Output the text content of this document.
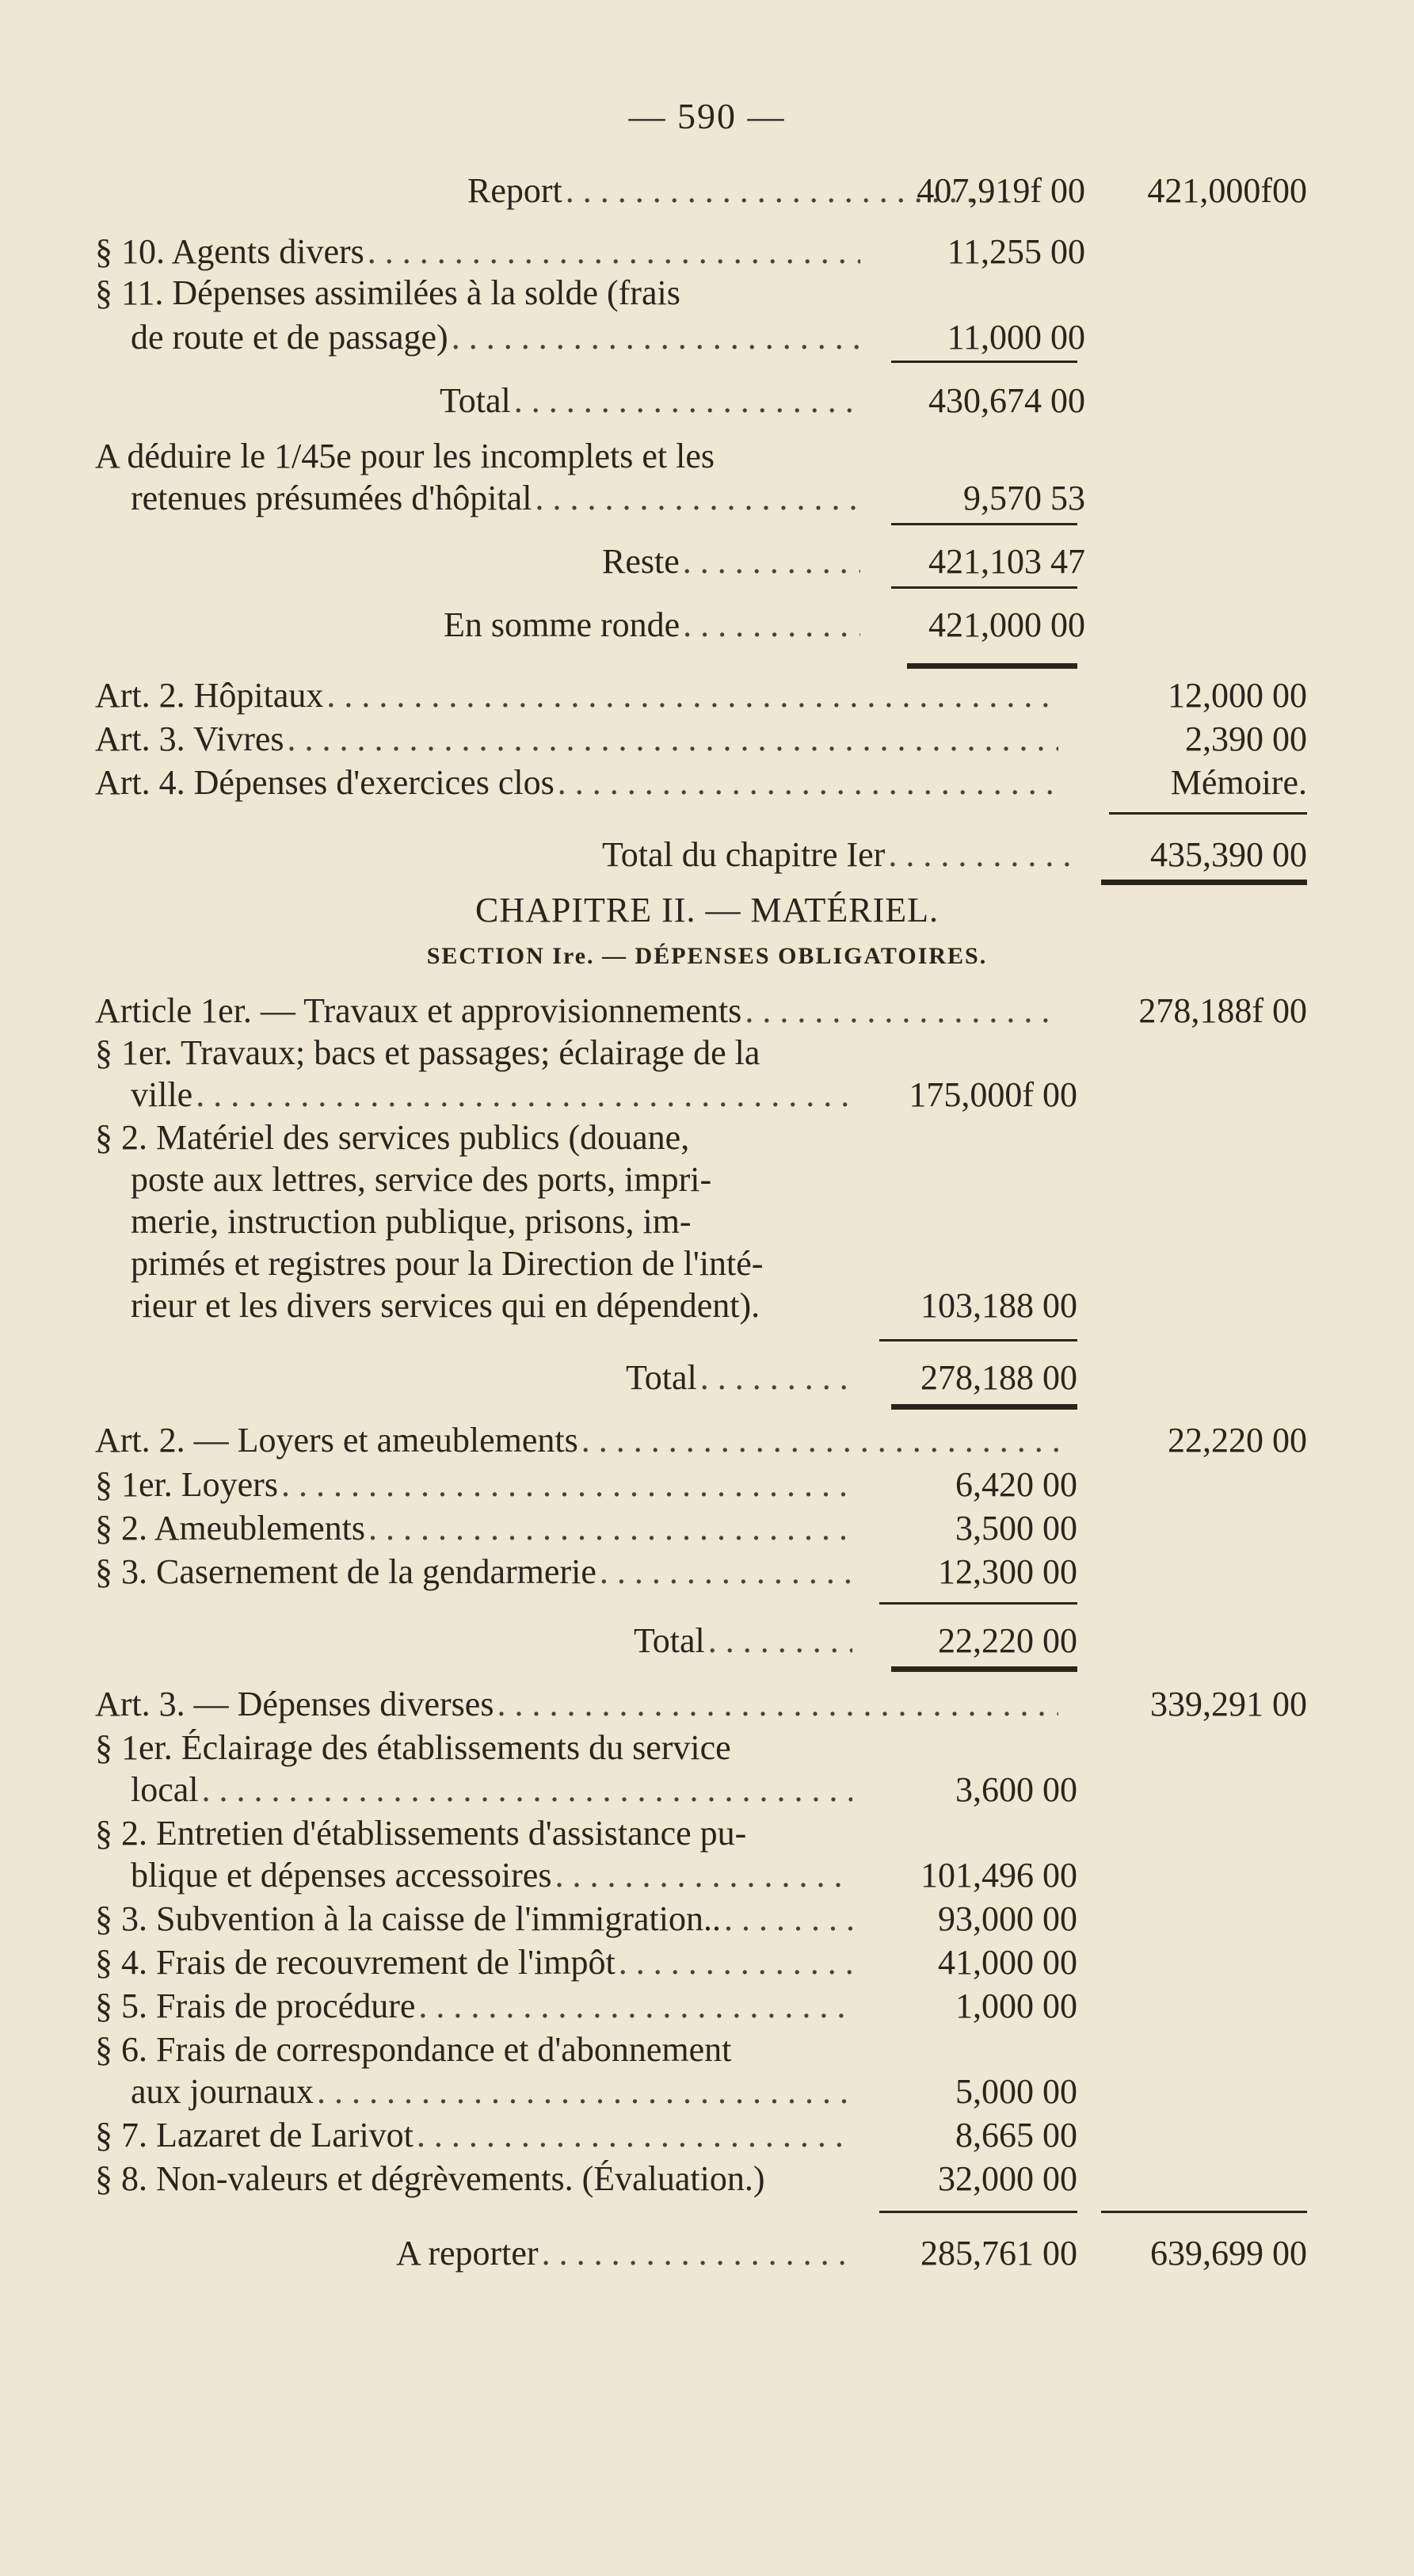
— 590 —
Report . . .	407,919f 00	421,000f00
§ 10. Agents divers . . .	11,255 00
§ 11. Dépenses assimilées à la solde (frais
de route et de passage) . . .	11,000 00
Total . . .	430,674 00
A déduire le 1/45e pour les incomplets et les
retenues présumées d'hôpital . . .	9,570 53
Reste . . .	421,103 47
En somme ronde . . .	421,000 00
Art. 2. Hôpitaux . . .	12,000 00
Art. 3. Vivres . . .	2,390 00
Art. 4. Dépenses d'exercices clos . . .	Mémoire.
Total du chapitre Ier . . .	435,390 00
CHAPITRE II. — MATÉRIEL.
SECTION Ire. — DÉPENSES OBLIGATOIRES.
Article 1er. — Travaux et approvisionnements . . .	278,188f 00
§ 1er. Travaux; bacs et passages; éclairage de la
ville . . .	175,000f 00
§ 2. Matériel des services publics (douane,
poste aux lettres, service des ports, impri-
merie, instruction publique, prisons, im-
primés et registres pour la Direction de l'inté-
rieur et les divers services qui en dépendent).	103,188 00
Total . . .	278,188 00
Art. 2. — Loyers et ameublements . . .	22,220 00
§ 1er. Loyers . . .	6,420 00
§ 2. Ameublements . . .	3,500 00
§ 3. Casernement de la gendarmerie . . .	12,300 00
Total . . .	22,220 00
Art. 3. — Dépenses diverses . . .	339,291 00
§ 1er. Éclairage des établissements du service
local . . .	3,600 00
§ 2. Entretien d'établissements d'assistance pu-
blique et dépenses accessoires . . .	101,496 00
§ 3. Subvention à la caisse de l'immigration.. . . .	93,000 00
§ 4. Frais de recouvrement de l'impôt . . .	41,000 00
§ 5. Frais de procédure . . .	1,000 00
§ 6. Frais de correspondance et d'abonnement
aux journaux . . .	5,000 00
§ 7. Lazaret de Larivot . . .	8,665 00
§ 8. Non-valeurs et dégrèvements. (Évaluation.)	32,000 00
A reporter . . .	285,761 00	639,699 00
